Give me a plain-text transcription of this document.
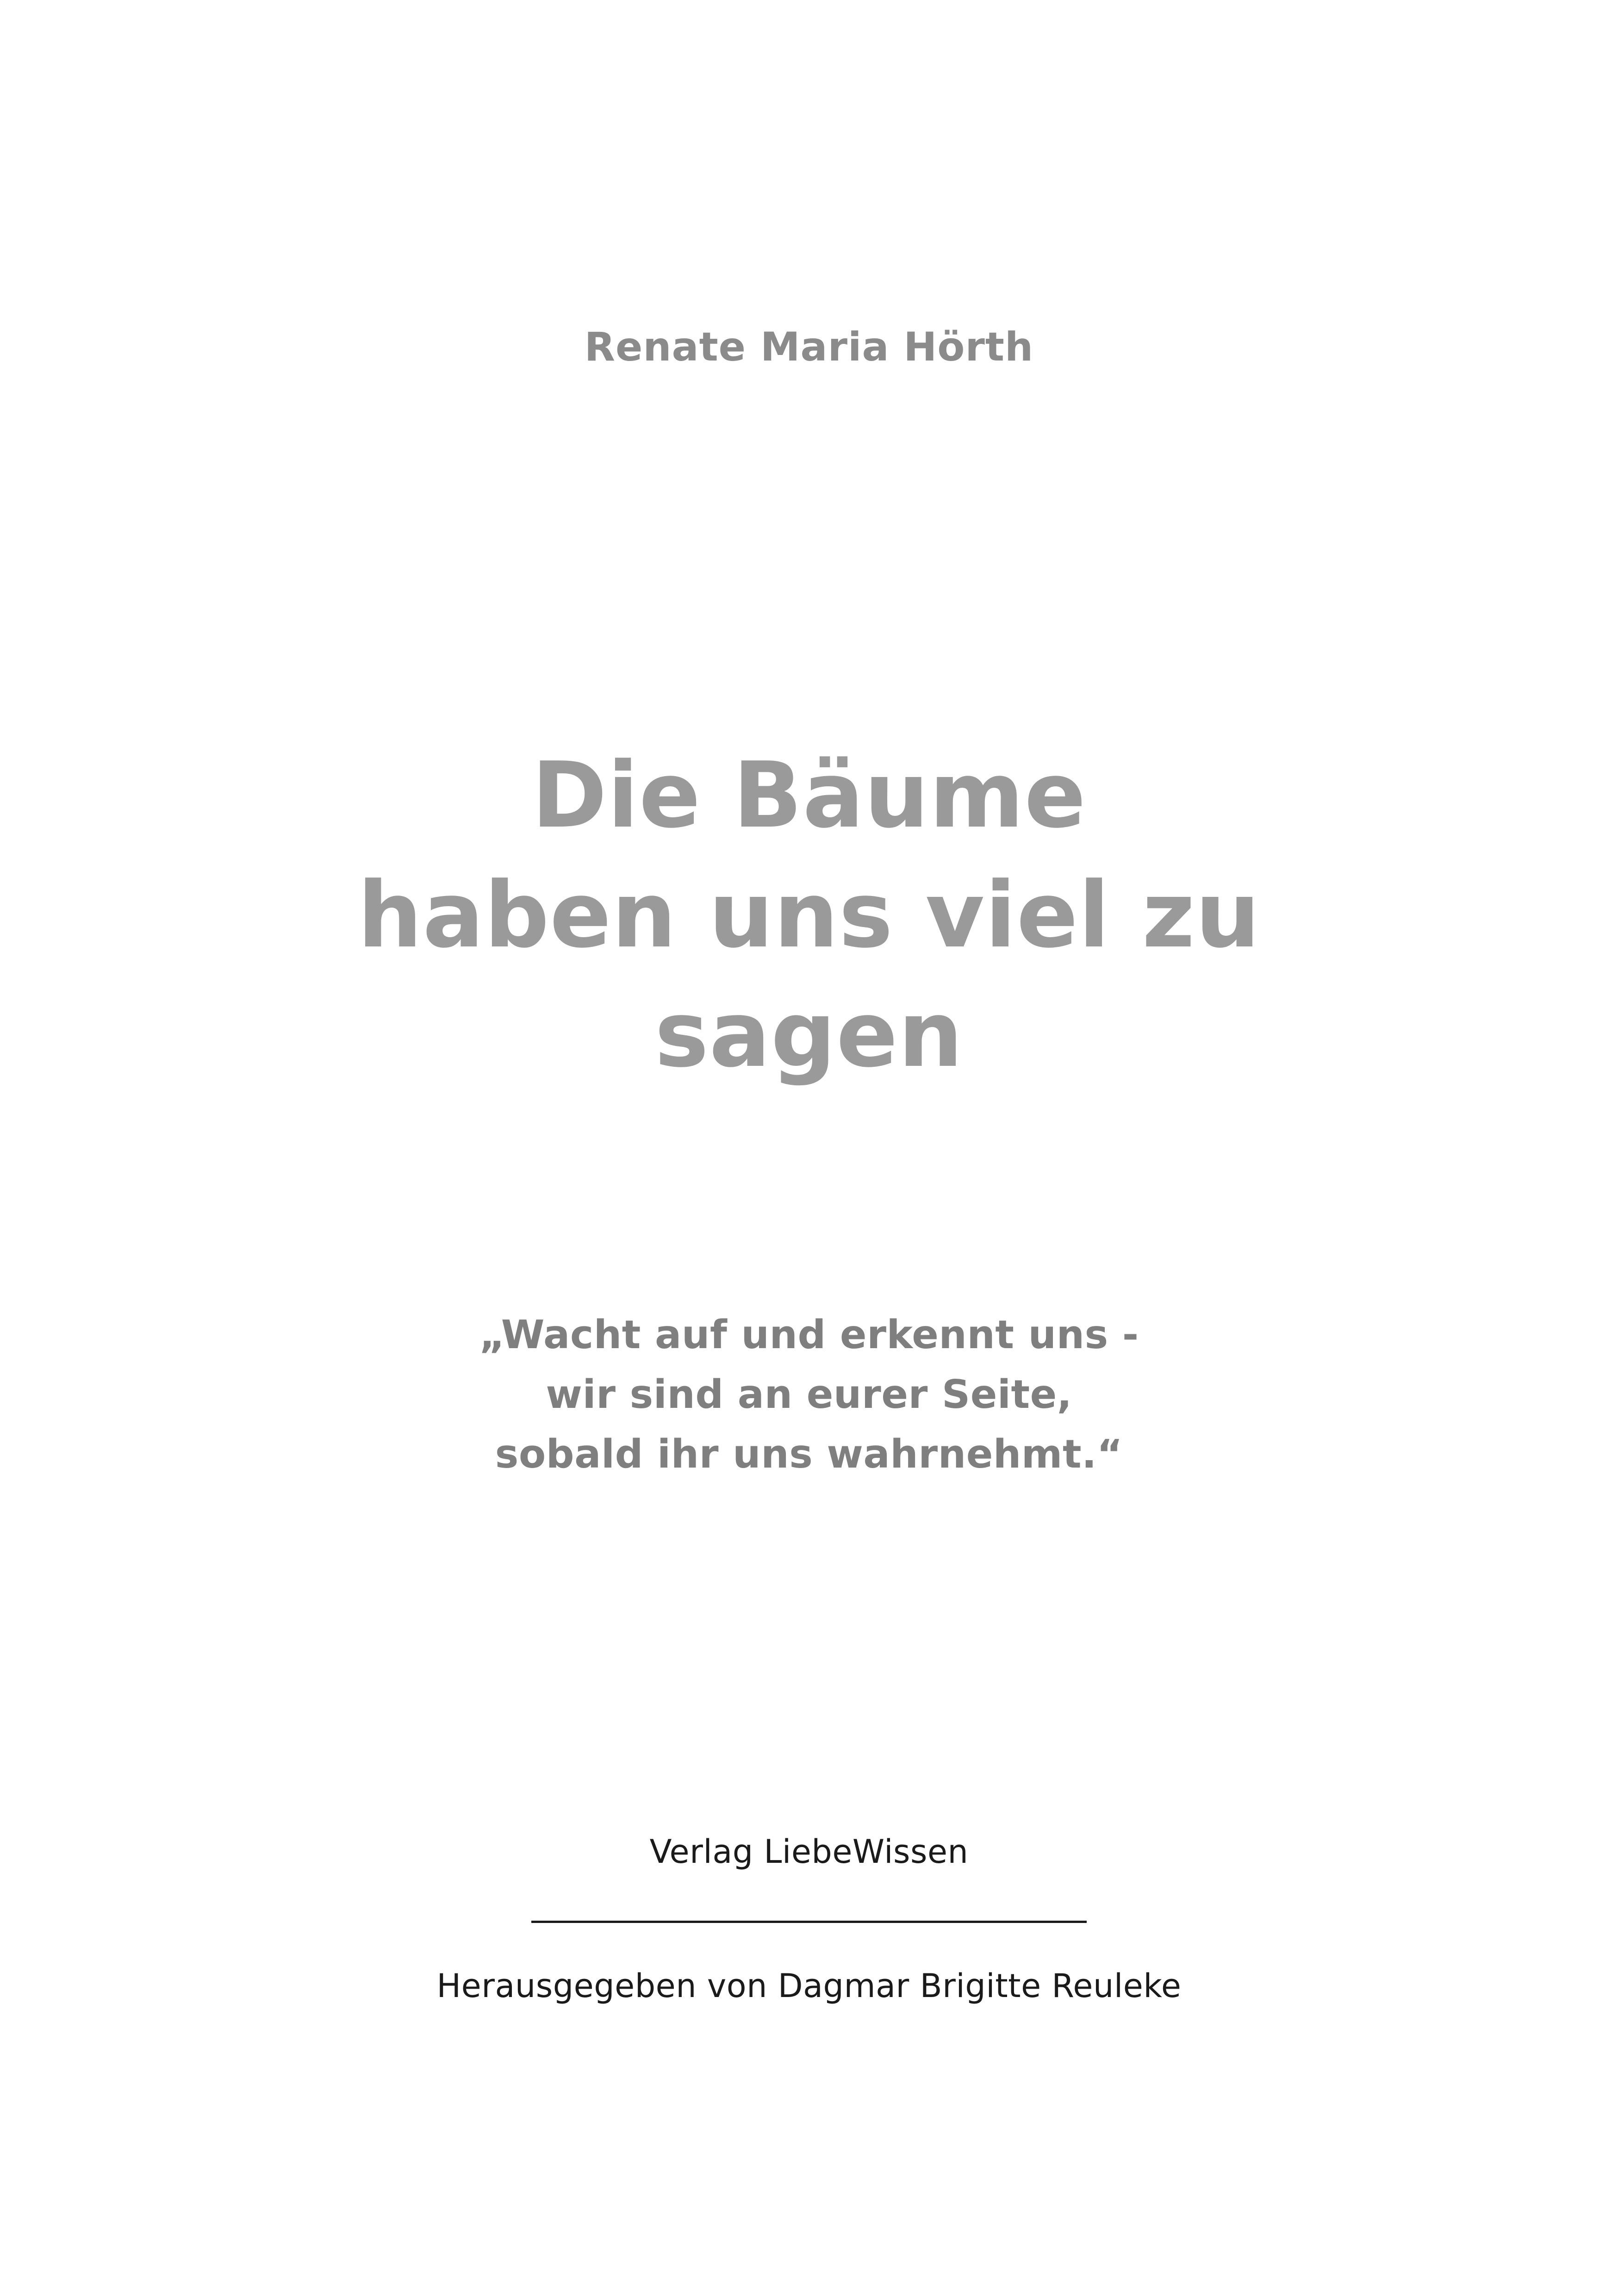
Renate Maria Hörth
Die Bäume
haben uns viel zu
sagen
„Wacht auf und erkennt uns -
wir sind an eurer Seite,
sobald ihr uns wahrnehmt.“
Verlag LiebeWissen
Herausgegeben von Dagmar Brigitte Reuleke
